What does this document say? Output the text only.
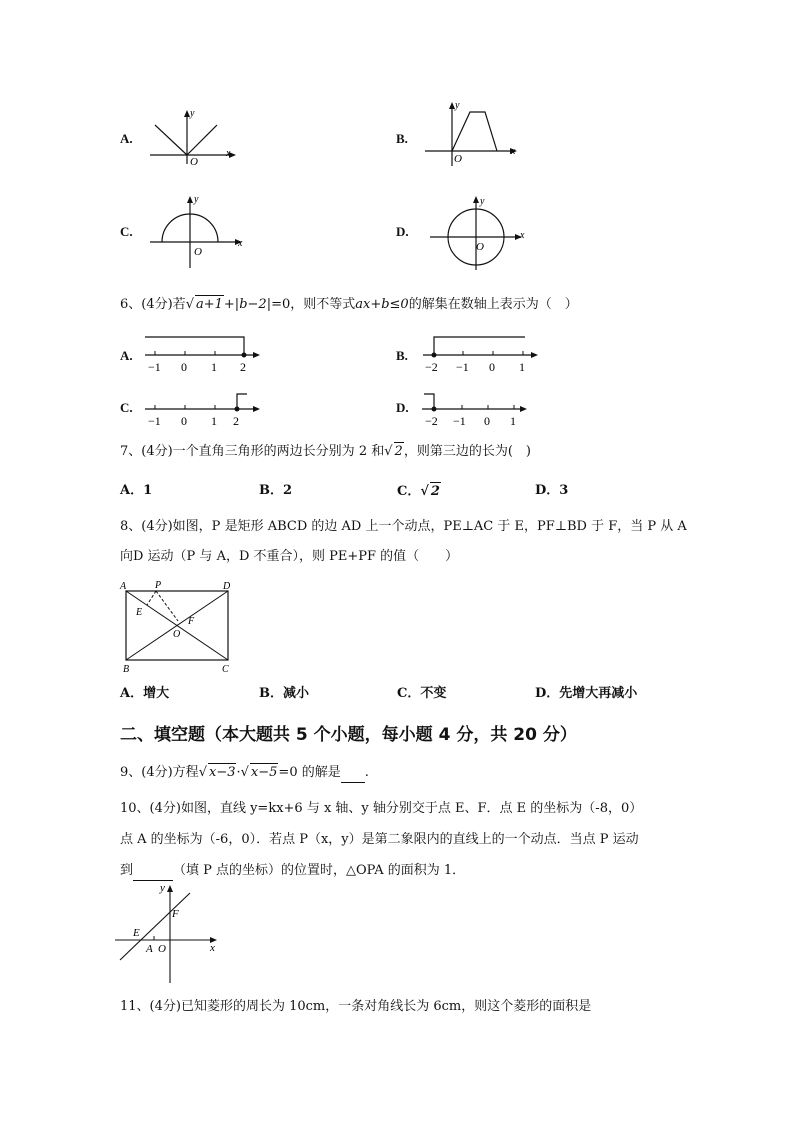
A.
y
x
O
B.
y
x
O
C.
y
x
O
D.
y
x
O
6、(4分)若√ a+1+|b−2|=0，则不等式ax+b≤0的解集在数轴上表示为（　）
A.
−1 0 1 2
B.
−2 −1 0 1
C.
−1 0 1 2
D.
−2 −1 0 1
7、(4分)一个直角三角形的两边长分别为 2 和√ 2，则第三边的长为(　)
A．1	B．2	C．√ 2	D．3
8、(4分)如图，P 是矩形 ABCD 的边 AD 上一个动点，PE⊥AC 于 E，PF⊥BD 于 F，当 P 从 A
向D 运动（P 与 A，D 不重合），则 PE+PF 的值（　　）
A	P	D
E
F
O
B	C
A．增大	B．减小	C．不变	D．先增大再减小
二、填空题（本大题共 5 个小题，每小题 4 分，共 20 分）
9、(4分)方程√ x−3·√ x−5=0 的解是 .
10、(4分)如图，直线 y=kx+6 与 x 轴、y 轴分别交于点 E、F．点 E 的坐标为（-8，0）
点 A 的坐标为（-6，0）．若点 P（x，y）是第二象限内的直线上的一个动点．当点 P 运动
到	（填 P 点的坐标）的位置时，△OPA 的面积为 1．
y
F
E
A O	x
11、(4分)已知菱形的周长为 10cm，一条对角线长为 6cm，则这个菱形的面积是
